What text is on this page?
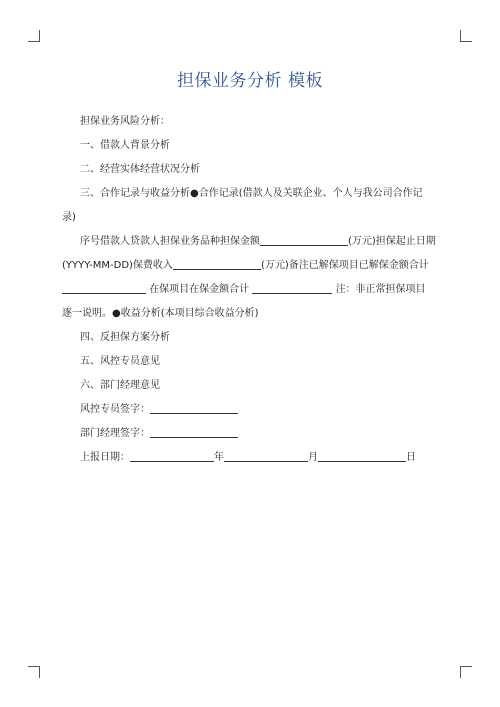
担保业务分析 模板
担保业务风险分析：
一、借款人背景分析
二、经营实体经营状况分析
三、合作记录与收益分析●合作记录(借款人及关联企业、个人与我公司合作记
录)
序号借款人贷款人担保业务品种担保金额	(万元)担保起止日期
(YYYY-MM-DD)保费收入	(万元)备注已解保项目已解保金额合计
在保项目在保金额合计	注：非正常担保项目
逐一说明。●收益分析(本项目综合收益分析)
四、反担保方案分析
五、风控专员意见
六、部门经理意见
风控专员签字：
部门经理签字：
上报日期：	年	月	日
